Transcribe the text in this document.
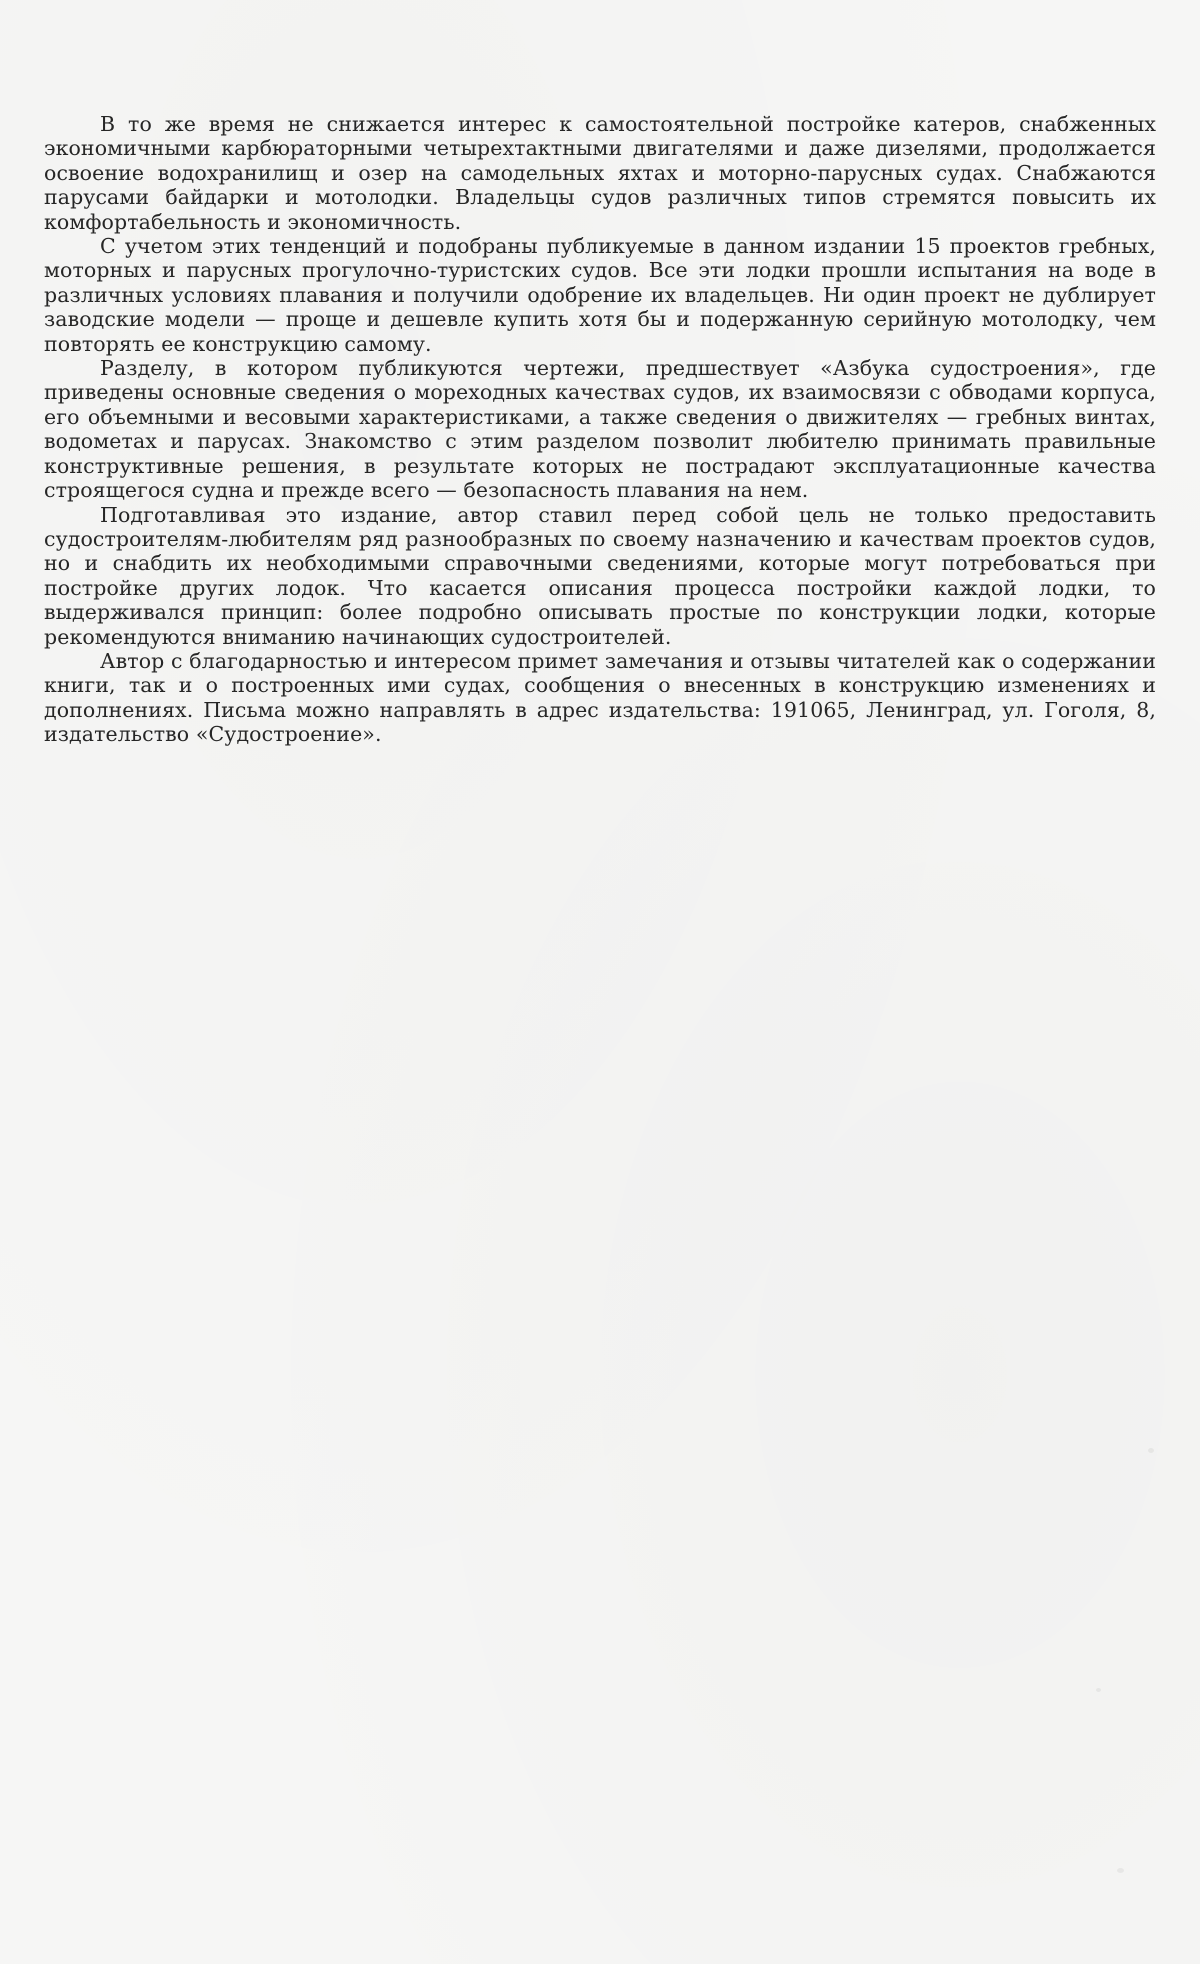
В то же время не снижается интерес к самостоятельной постройке катеров, снабженных экономичными карбюраторными четырехтактными двигателями и даже дизелями, продолжается освоение водохранилищ и озер на самодельных яхтах и моторно-парусных судах. Снабжаются парусами байдарки и мотолодки. Владельцы судов различных типов стремятся повысить их комфортабельность и экономичность.

С учетом этих тенденций и подобраны публикуемые в данном издании 15 проектов гребных, моторных и парусных прогулочно-туристских судов. Все эти лодки прошли испытания на воде в различных условиях плавания и получили одобрение их владельцев. Ни один проект не дублирует заводские модели — проще и дешевле купить хотя бы и подержанную серийную мотолодку, чем повторять ее конструкцию самому.

Разделу, в котором публикуются чертежи, предшествует «Азбука судостроения», где приведены основные сведения о мореходных качествах судов, их взаимосвязи с обводами корпуса, его объемными и весовыми характеристиками, а также сведения о движителях — гребных винтах, водометах и парусах. Знакомство с этим разделом позволит любителю принимать правильные конструктивные решения, в результате которых не пострадают эксплуатационные качества строящегося судна и прежде всего — безопасность плавания на нем.

Подготавливая это издание, автор ставил перед собой цель не только предоставить судостроителям-любителям ряд разнообразных по своему назначению и качествам проектов судов, но и снабдить их необходимыми справочными сведениями, которые могут потребоваться при постройке других лодок. Что касается описания процесса постройки каждой лодки, то выдерживался принцип: более подробно описывать простые по конструкции лодки, которые рекомендуются вниманию начинающих судостроителей.

Автор с благодарностью и интересом примет замечания и отзывы читателей как о содержании книги, так и о построенных ими судах, сообщения о внесенных в конструкцию изменениях и дополнениях. Письма можно направлять в адрес издательства: 191065, Ленинград, ул. Гоголя, 8, издательство «Судостроение».
